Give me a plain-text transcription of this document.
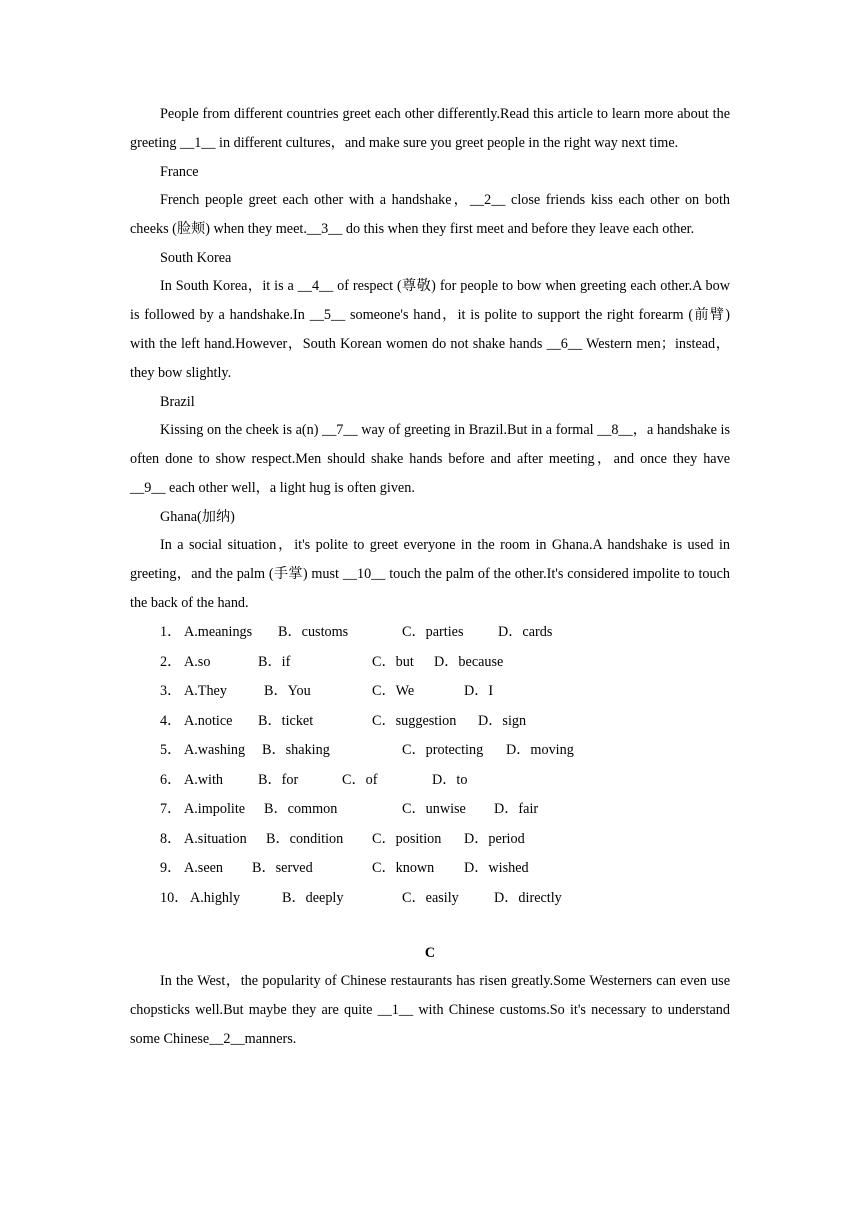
People from different countries greet each other differently.Read this article to learn more about the greeting __1__ in different cultures，and make sure you greet people in the right way next time.

France

French people greet each other with a handshake，__2__ close friends kiss each other on both cheeks (脸颊) when they meet.__3__ do this when they first meet and before they leave each other.

South Korea

In South Korea，it is a __4__ of respect (尊敬) for people to bow when greeting each other.A bow is followed by a handshake.In __5__ someone's hand，it is polite to support the right forearm (前臂) with the left hand.However，South Korean women do not shake hands __6__ Western men；instead，they bow slightly.

Brazil

Kissing on the cheek is a(n) __7__ way of greeting in Brazil.But in a formal __8__，a handshake is often done to show respect.Men should shake hands before and after meeting，and once they have __9__ each other well，a light hug is often given.

Ghana(加纳)

In a social situation，it's polite to greet everyone in the room in Ghana.A handshake is used in greeting，and the palm (手掌) must __10__ touch the palm of the other.It's considered impolite to touch the back of the hand.

1． A.meanings B．customs	C．parties D．cards
2． A.so	B．if	C．but D．because
3． A.They	B．You	C．We	D．I
4． A.notice B．ticket	C．suggestion D．sign
5． A.washing B．shaking	C．protecting D．moving
6． A.with B．for	C．of	D．to
7． A.impolite B．common	C．unwise D．fair
8． A.situation B．condition C．position D．period
9． A.seen B．served	C．known D．wished
10． A.highly	B．deeply	C．easily D．directly

C

In the West，the popularity of Chinese restaurants has risen greatly.Some Westerners can even use chopsticks well.But maybe they are quite __1__ with Chinese customs.So it's necessary to understand some Chinese__2__manners.
